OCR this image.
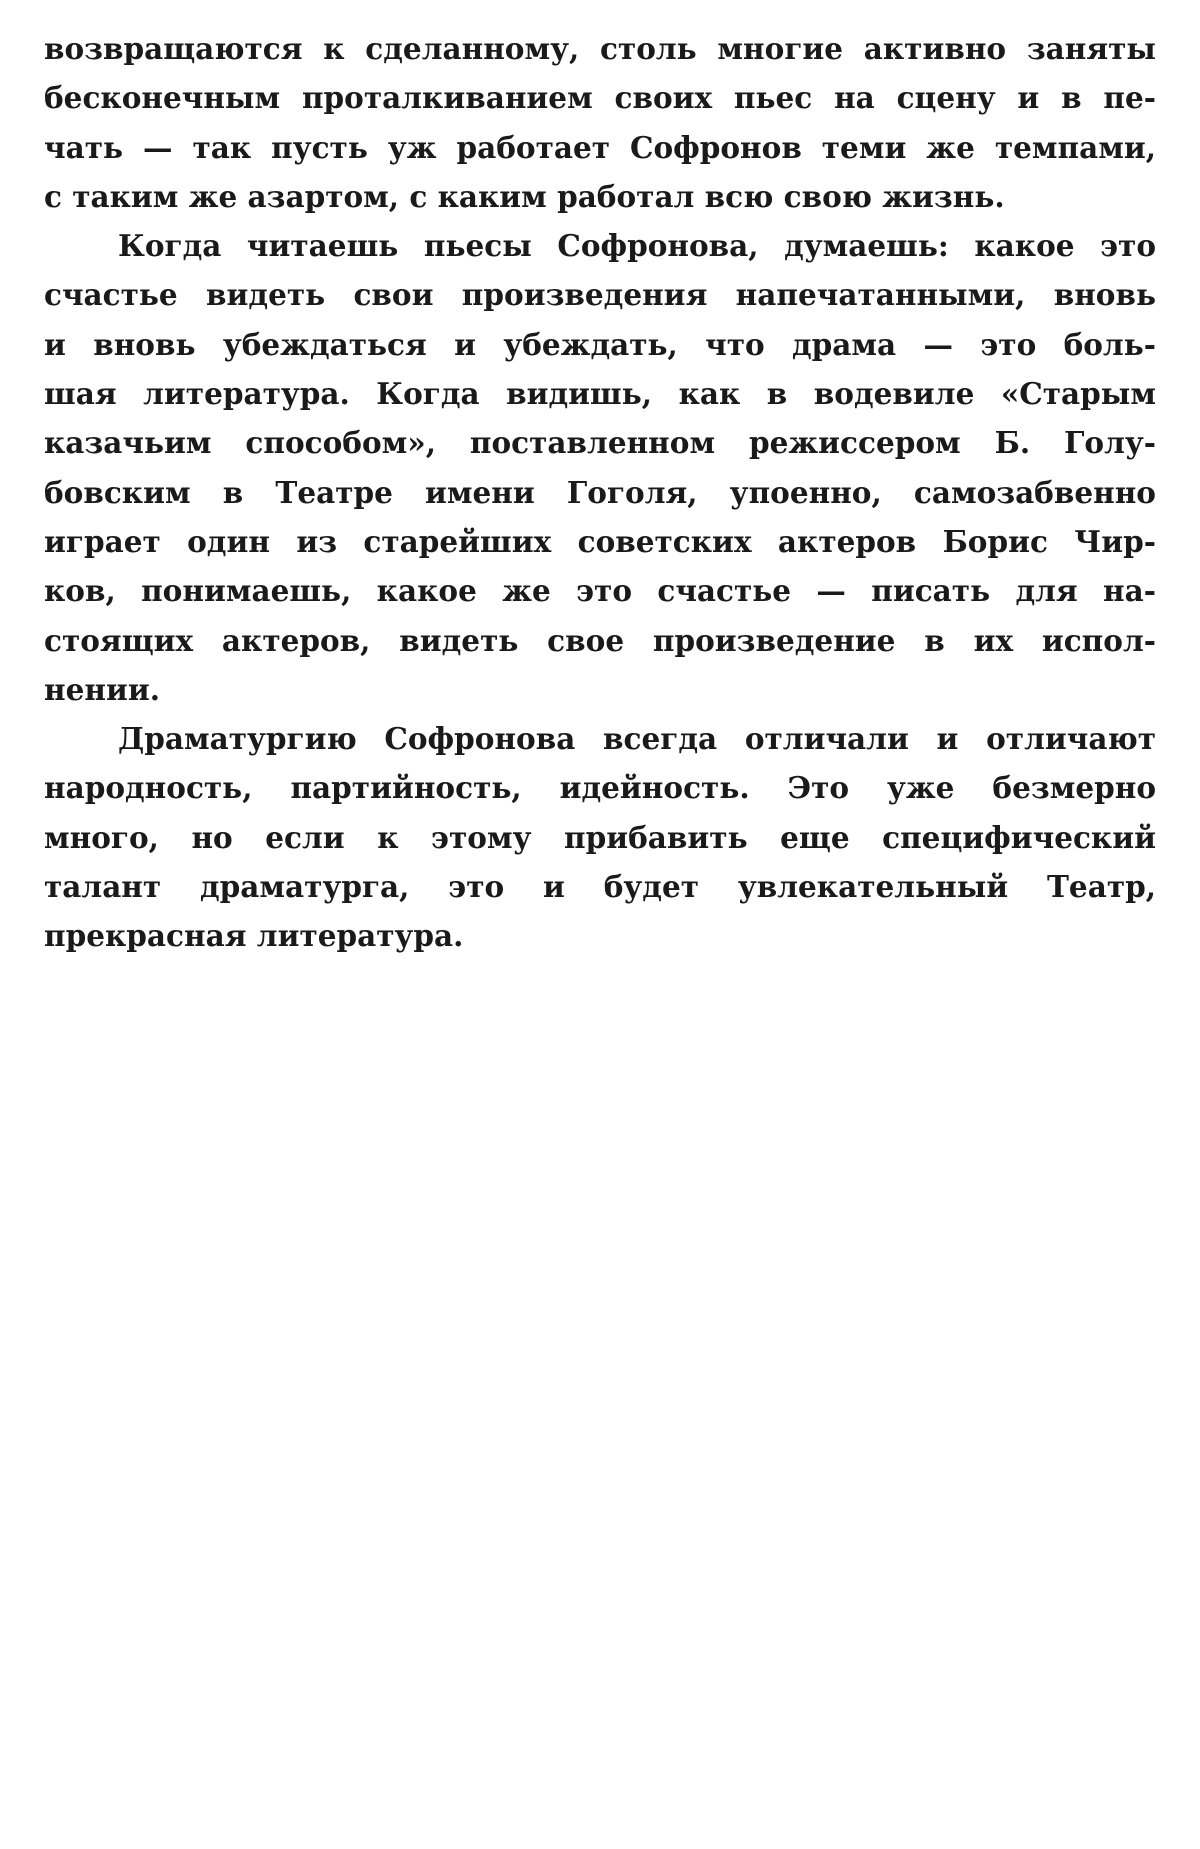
возвращаются к сделанному, столь многие активно заняты
бесконечным проталкиванием своих пьес на сцену и в пе-
чать — так пусть уж работает Софронов теми же темпами,
с таким же азартом, с каким работал всю свою жизнь.
Когда читаешь пьесы Софронова, думаешь: какое это
счастье видеть свои произведения напечатанными, вновь
и вновь убеждаться и убеждать, что драма — это боль-
шая литература. Когда видишь, как в водевиле «Старым
казачьим способом», поставленном режиссером Б. Голу-
бовским в Театре имени Гоголя, упоенно, самозабвенно
играет один из старейших советских актеров Борис Чир-
ков, понимаешь, какое же это счастье — писать для на-
стоящих актеров, видеть свое произведение в их испол-
нении.
Драматургию Софронова всегда отличали и отличают
народность, партийность, идейность. Это уже безмерно
много, но если к этому прибавить еще специфический
талант драматурга, это и будет увлекательный Театр,
прекрасная литература.
